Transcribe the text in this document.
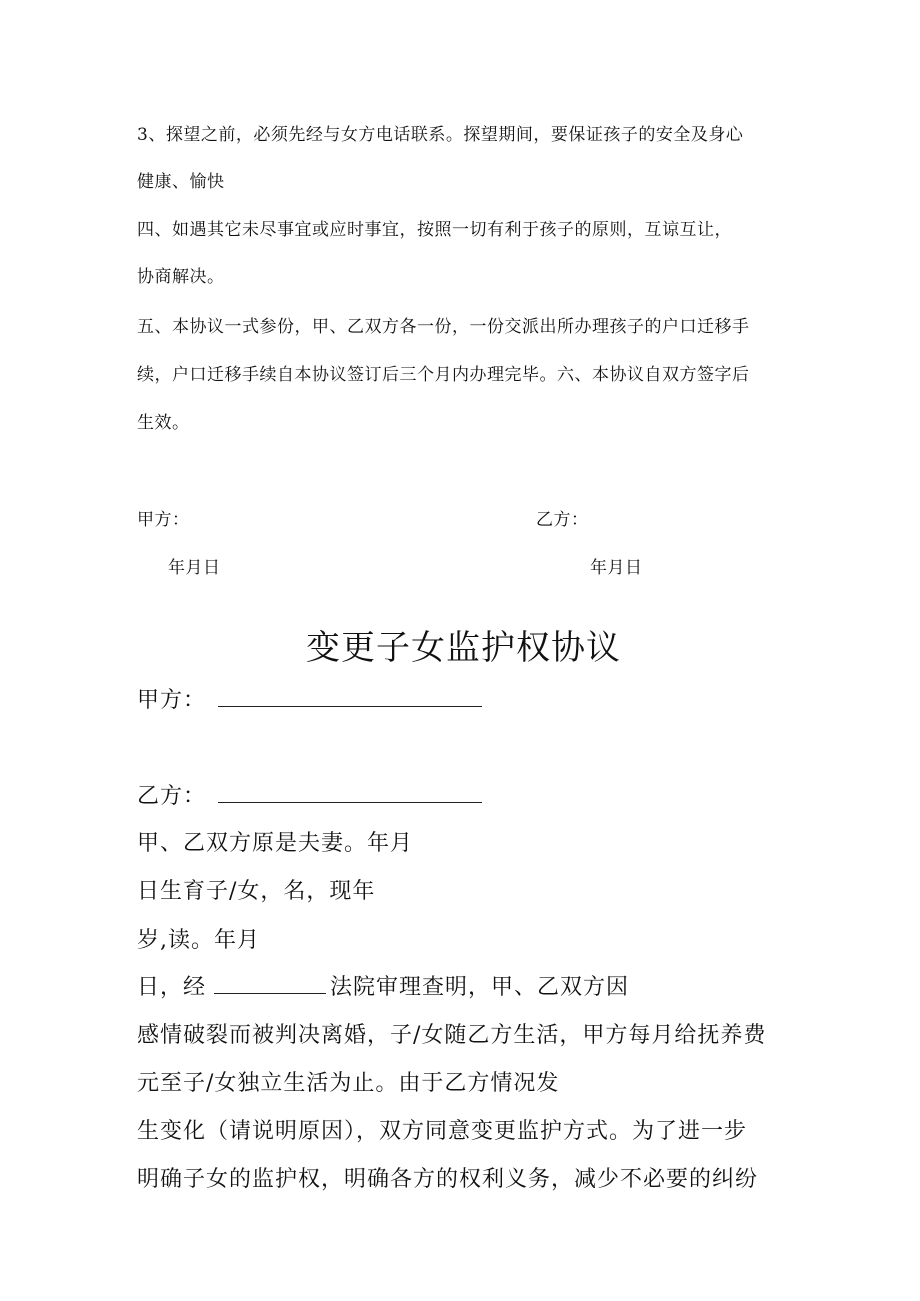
3、探望之前，必须先经与女方电话联系。探望期间，要保证孩子的安全及身心
健康、愉快
四、如遇其它未尽事宜或应时事宜，按照一切有利于孩子的原则，互谅互让，
协商解决。
五、本协议一式参份，甲、乙双方各一份，一份交派出所办理孩子的户口迁移手
续，户口迁移手续自本协议签订后三个月内办理完毕。六、本协议自双方签字后
生效。
甲方：	乙方：
年月日	年月日
变更子女监护权协议
甲方：
乙方：
甲、乙双方原是夫妻。年月
日生育子/女，名，现年
岁,读。年月
日，经	法院审理查明，甲、乙双方因
感情破裂而被判决离婚，子/女随乙方生活，甲方每月给抚养费
元至子/女独立生活为止。由于乙方情况发
生变化（请说明原因），双方同意变更监护方式。为了进一步
明确子女的监护权，明确各方的权利义务，减少不必要的纠纷
